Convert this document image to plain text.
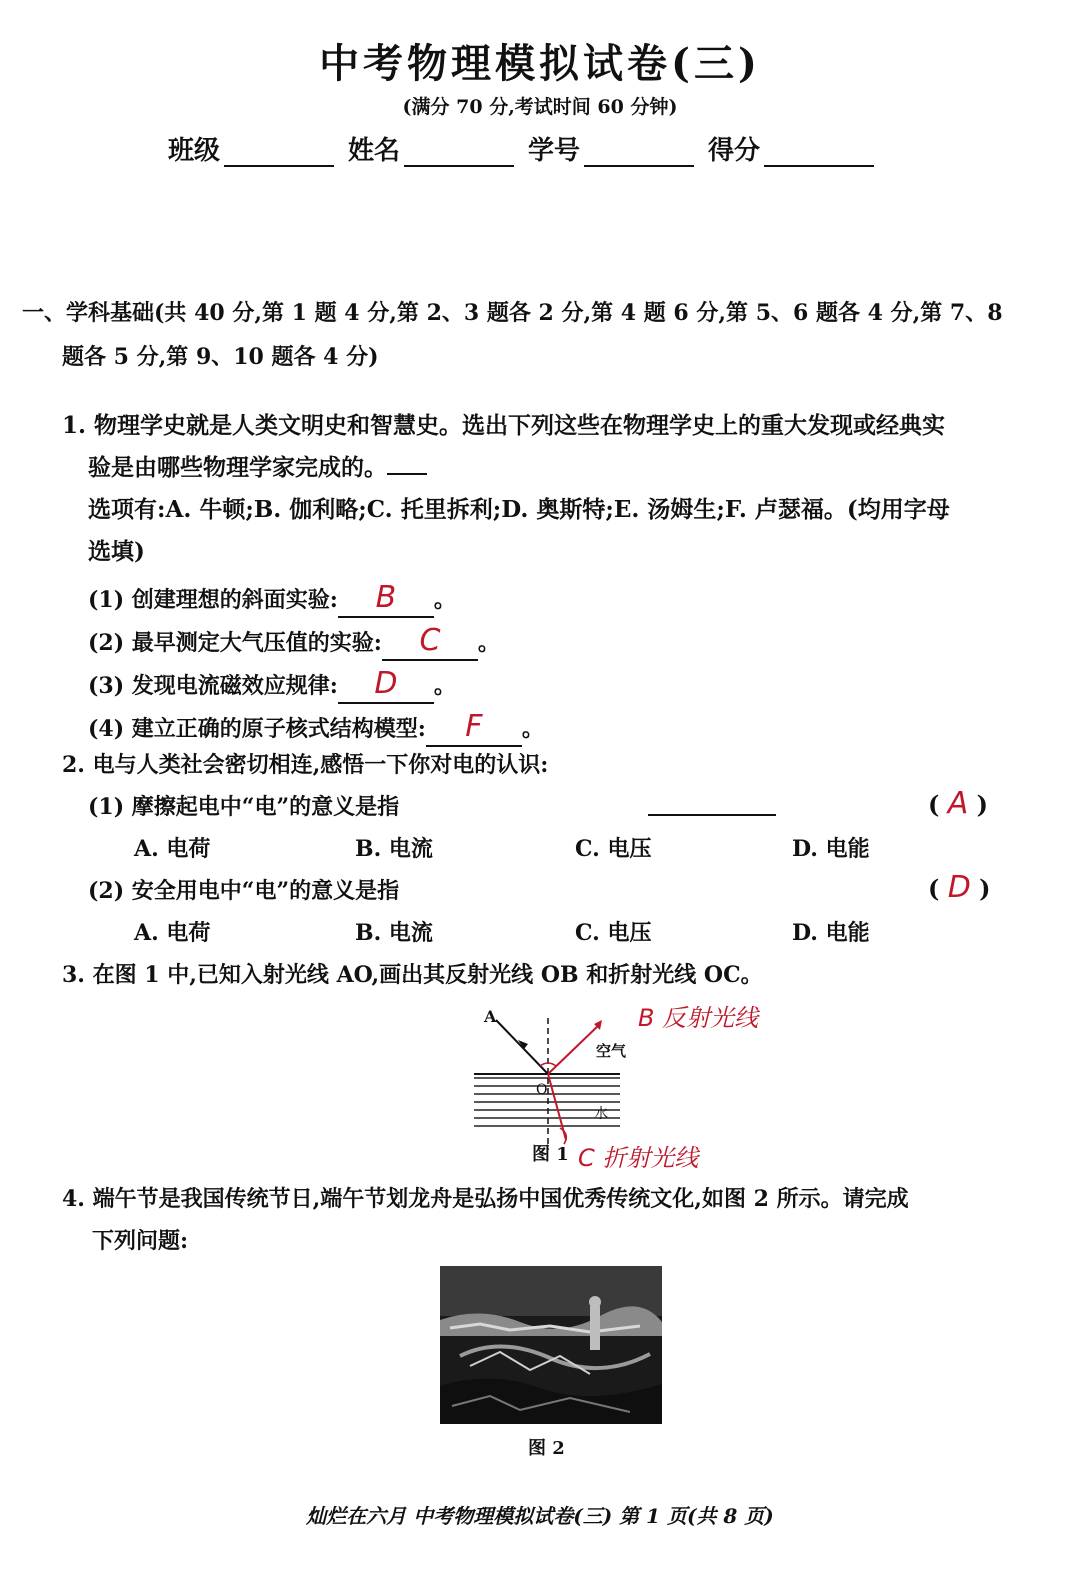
中考物理模拟试卷(三)
(满分 70 分,考试时间 60 分钟)
班级	姓名	学号	得分
一、学科基础(共 40 分,第 1 题 4 分,第 2、3 题各 2 分,第 4 题 6 分,第 5、6 题各 4 分,第 7、8
题各 5 分,第 9、10 题各 4 分)
1. 物理学史就是人类文明史和智慧史。选出下列这些在物理学史上的重大发现或经典实
验是由哪些物理学家完成的。
选项有:A. 牛顿;B. 伽利略;C. 托里拆利;D. 奥斯特;E. 汤姆生;F. 卢瑟福。(均用字母
选填)
(1) 创建理想的斜面实验: B 。
(2) 最早测定大气压值的实验: C 。
(3) 发现电流磁效应规律: D 。
(4) 建立正确的原子核式结构模型: F 。
2. 电与人类社会密切相连,感悟一下你对电的认识:
(1) 摩擦起电中“电”的意义是指	( A )
A. 电荷	B. 电流	C. 电压	D. 电能
(2) 安全用电中“电”的意义是指	( D )
A. 电荷	B. 电流	C. 电压	D. 电能
3. 在图 1 中,已知入射光线 AO,画出其反射光线 OB 和折射光线 OC。
A
空气
水
O
图 1
B 反射光线
C 折射光线
4. 端午节是我国传统节日,端午节划龙舟是弘扬中国优秀传统文化,如图 2 所示。请完成
下列问题:
图 2
灿烂在六月 中考物理模拟试卷(三) 第 1 页(共 8 页)
